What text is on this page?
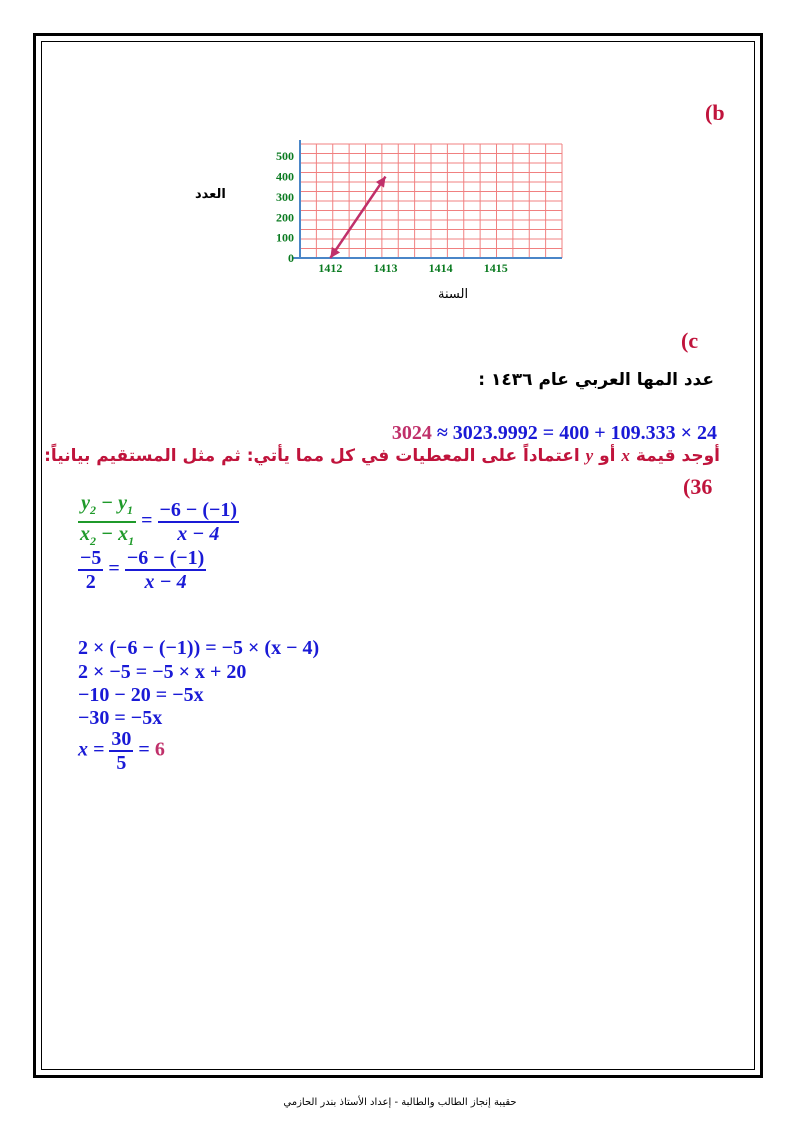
(b
0
100
200
300
400
500
1412	1413	1414	1415
العدد
السنة
(c
عدد المها العربي عام ١٤٣٦ :
3024 ≈ 3023.9992 = 400 + 109.333 × 24
أوجد قيمة x أو y اعتماداً على المعطيات في كل مما يأتي: ثم مثل المستقيم بيانياً:
(36
$\frac{y_2 - y_1}{x_2 - x_1} = \frac{-6 - (-1)}{x - 4}$
$\frac{-5}{2} = \frac{-6 - (-1)}{x - 4}$
2 × (−6 − (−1)) = −5 × (x − 4)
2 × −5 = −5 × x + 20
−10 − 20 = −5x
−30 = −5x
$x = \frac{30}{5} = 6$
حقيبة إنجاز الطالب والطالبة - إعداد الأستاذ بندر الحازمي
